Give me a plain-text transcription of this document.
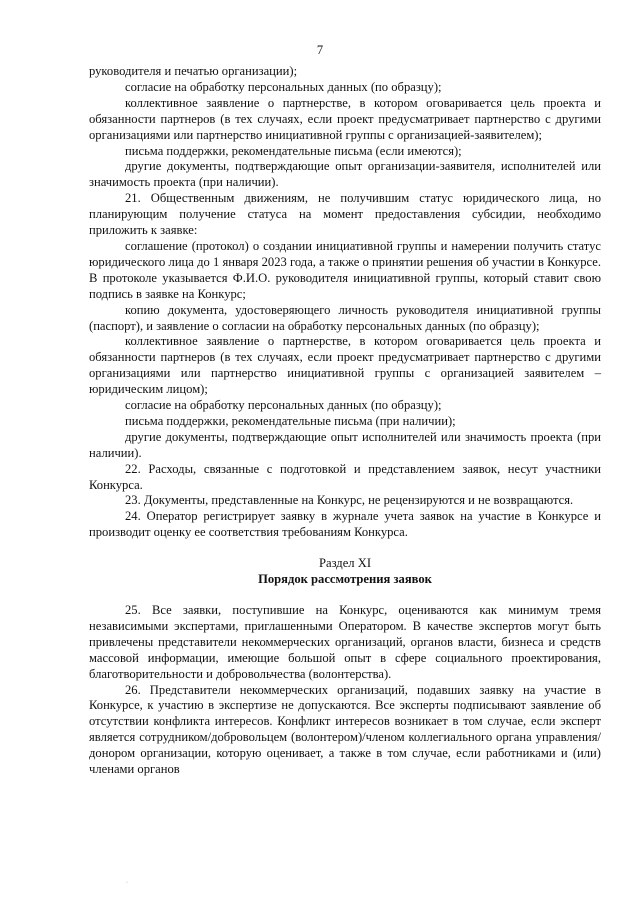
7

руководителя и печатью организации);

согласие на обработку персональных данных (по образцу);

коллективное заявление о партнерстве, в котором оговаривается цель проекта и обязанности партнеров (в тех случаях, если проект предусматривает партнерство с другими организациями или партнерство инициативной группы с организацией-заявителем);

письма поддержки, рекомендательные письма (если имеются);

другие документы, подтверждающие опыт организации-заявителя, исполнителей или значимость проекта (при наличии).

21. Общественным движениям, не получившим статус юридического лица, но планирующим получение статуса на момент предоставления субсидии, необходимо приложить к заявке:

соглашение (протокол) о создании инициативной группы и намерении получить статус юридического лица до 1 января 2023 года, а также о принятии решения об участии в Конкурсе. В протоколе указывается Ф.И.О. руководителя инициативной группы, который ставит свою подпись в заявке на Конкурс;

копию документа, удостоверяющего личность руководителя инициативной группы (паспорт), и заявление о согласии на обработку персональных данных (по образцу);

коллективное заявление о партнерстве, в котором оговаривается цель проекта и обязанности партнеров (в тех случаях, если проект предусматривает партнерство с другими организациями или партнерство инициативной группы с организацией заявителем – юридическим лицом);

согласие на обработку персональных данных (по образцу);

письма поддержки, рекомендательные письма (при наличии);

другие документы, подтверждающие опыт исполнителей или значимость проекта (при наличии).

22. Расходы, связанные с подготовкой и представлением заявок, несут участники Конкурса.

23. Документы, представленные на Конкурс, не рецензируются и не возвращаются.

24. Оператор регистрирует заявку в журнале учета заявок на участие в Конкурсе и производит оценку ее соответствия требованиям Конкурса.

Раздел XI

Порядок рассмотрения заявок

25. Все заявки, поступившие на Конкурс, оцениваются как минимум тремя независимыми экспертами, приглашенными Оператором. В качестве экспертов могут быть привлечены представители некоммерческих организаций, органов власти, бизнеса и средств массовой информации, имеющие большой опыт в сфере социального проектирования, благотворительности и добровольчества (волонтерства).

26. Представители некоммерческих организаций, подавших заявку на участие в Конкурсе, к участию в экспертизе не допускаются. Все эксперты подписывают заявление об отсутствии конфликта интересов. Конфликт интересов возникает в том случае, если эксперт является сотрудником/добровольцем (волонтером)/членом коллегиального органа управления/донором организации, которую оценивает, а также в том случае, если работниками и (или) членами органов

·
